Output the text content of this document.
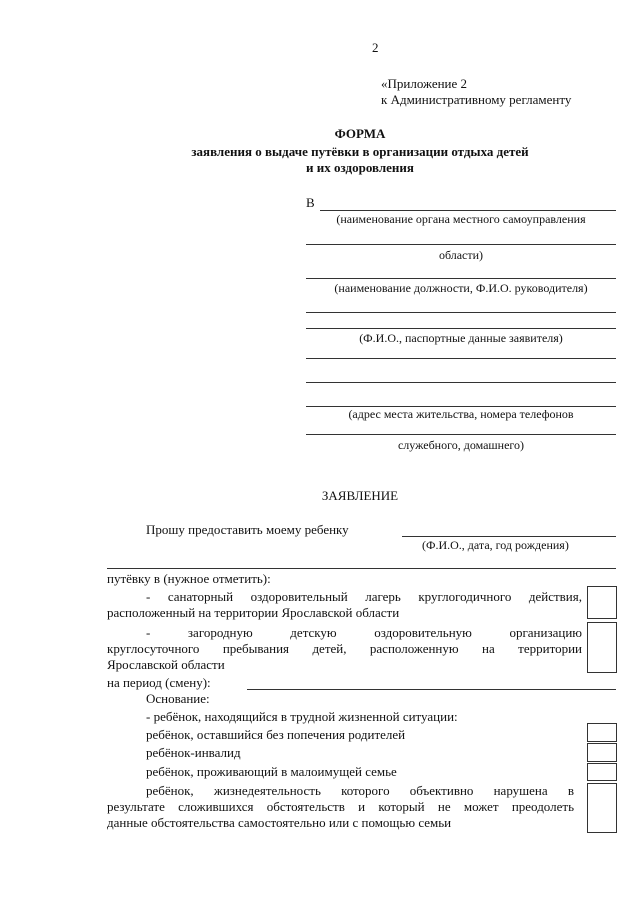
2
«Приложение 2
к Административному регламенту
ФОРМА
заявления о выдаче путёвки в организации отдыха детей
и их оздоровления
В
(наименование органа местного самоуправления
области)
(наименование должности, Ф.И.О. руководителя)
(Ф.И.О., паспортные данные заявителя)
(адрес места жительства, номера телефонов
служебного, домашнего)
ЗАЯВЛЕНИЕ
Прошу предоставить моему ребенку
(Ф.И.О., дата, год рождения)
путёвку в (нужное отметить):
- санаторный оздоровительный лагерь круглогодичного действия,
расположенный на территории Ярославской области
- загородную детскую оздоровительную организацию
круглосуточного пребывания детей, расположенную на территории
Ярославской области
на период (смену):
Основание:
- ребёнок, находящийся в трудной жизненной ситуации:
ребёнок, оставшийся без попечения родителей
ребёнок-инвалид
ребёнок, проживающий в малоимущей семье
ребёнок, жизнедеятельность которого объективно нарушена в
результате сложившихся обстоятельств и который не может преодолеть
данные обстоятельства самостоятельно или с помощью семьи
